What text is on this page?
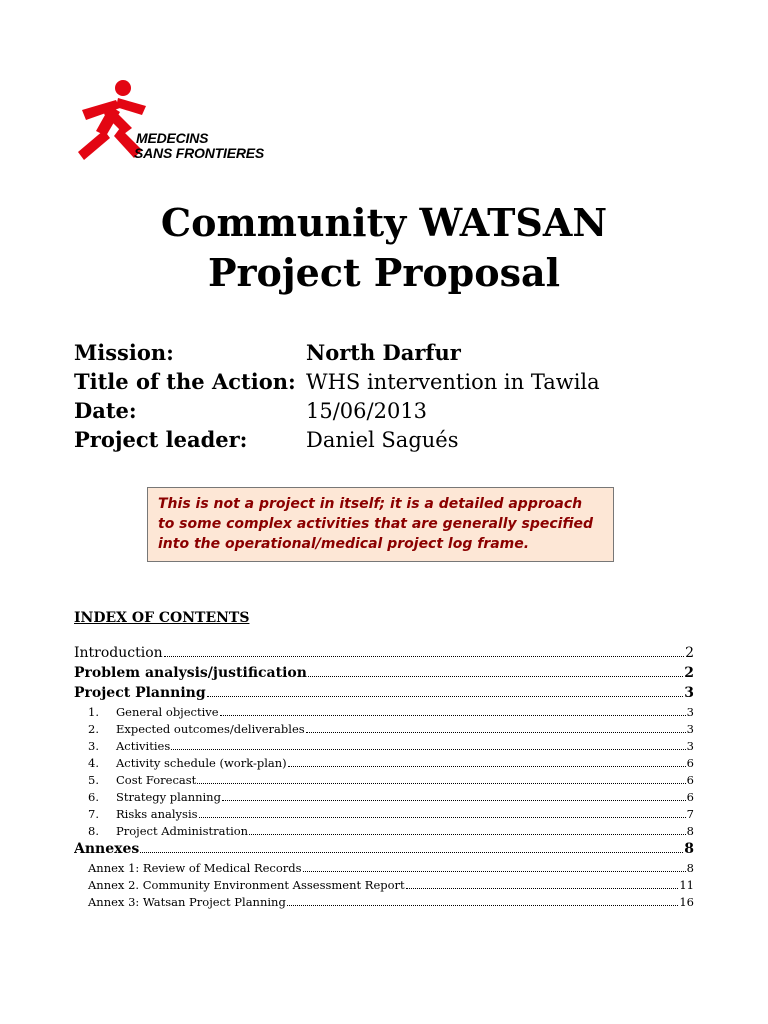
MEDECINS
SANS FRONTIERES
Community WATSAN
Project Proposal
Mission:	North Darfur
Title of the Action: WHS intervention in Tawila
Date:	15/06/2013
Project leader:	Daniel Sagués
This is not a project in itself; it is a detailed approach to some complex activities that are generally specified into the operational/medical project log frame.
INDEX OF CONTENTS
Introduction	2
Problem analysis/justification	2
Project Planning	3
1.	General objective	3
2.	Expected outcomes/deliverables	3
3.	Activities	3
4.	Activity schedule (work-plan)	6
5.	Cost Forecast	6
6.	Strategy planning	6
7.	Risks analysis	7
8.	Project Administration	8
Annexes	8
Annex 1: Review of Medical Records	8
Annex 2. Community Environment Assessment Report	11
Annex 3: Watsan Project Planning	16
